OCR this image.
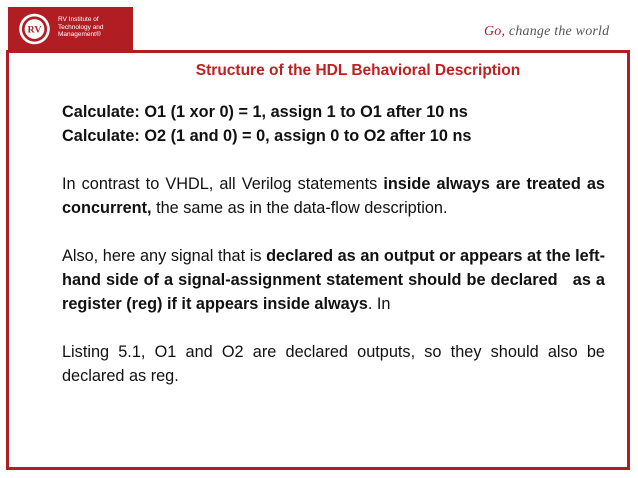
RV
RV Institute of Technology and Management®	Go, change the world
Structure of the HDL Behavioral Description

Calculate: O1 (1 xor 0) = 1, assign 1 to O1 after 10 ns

Calculate: O2 (1 and 0) = 0, assign 0 to O2 after 10 ns

In contrast to VHDL, all Verilog statements inside always are treated as concurrent, the same as in the data-flow description.

Also, here any signal that is declared as an output or appears at the left-hand side of a signal-assignment statement should be declared   as a register (reg) if it appears inside always. In

Listing 5.1, O1 and O2 are declared outputs, so they should also be declared as reg.
